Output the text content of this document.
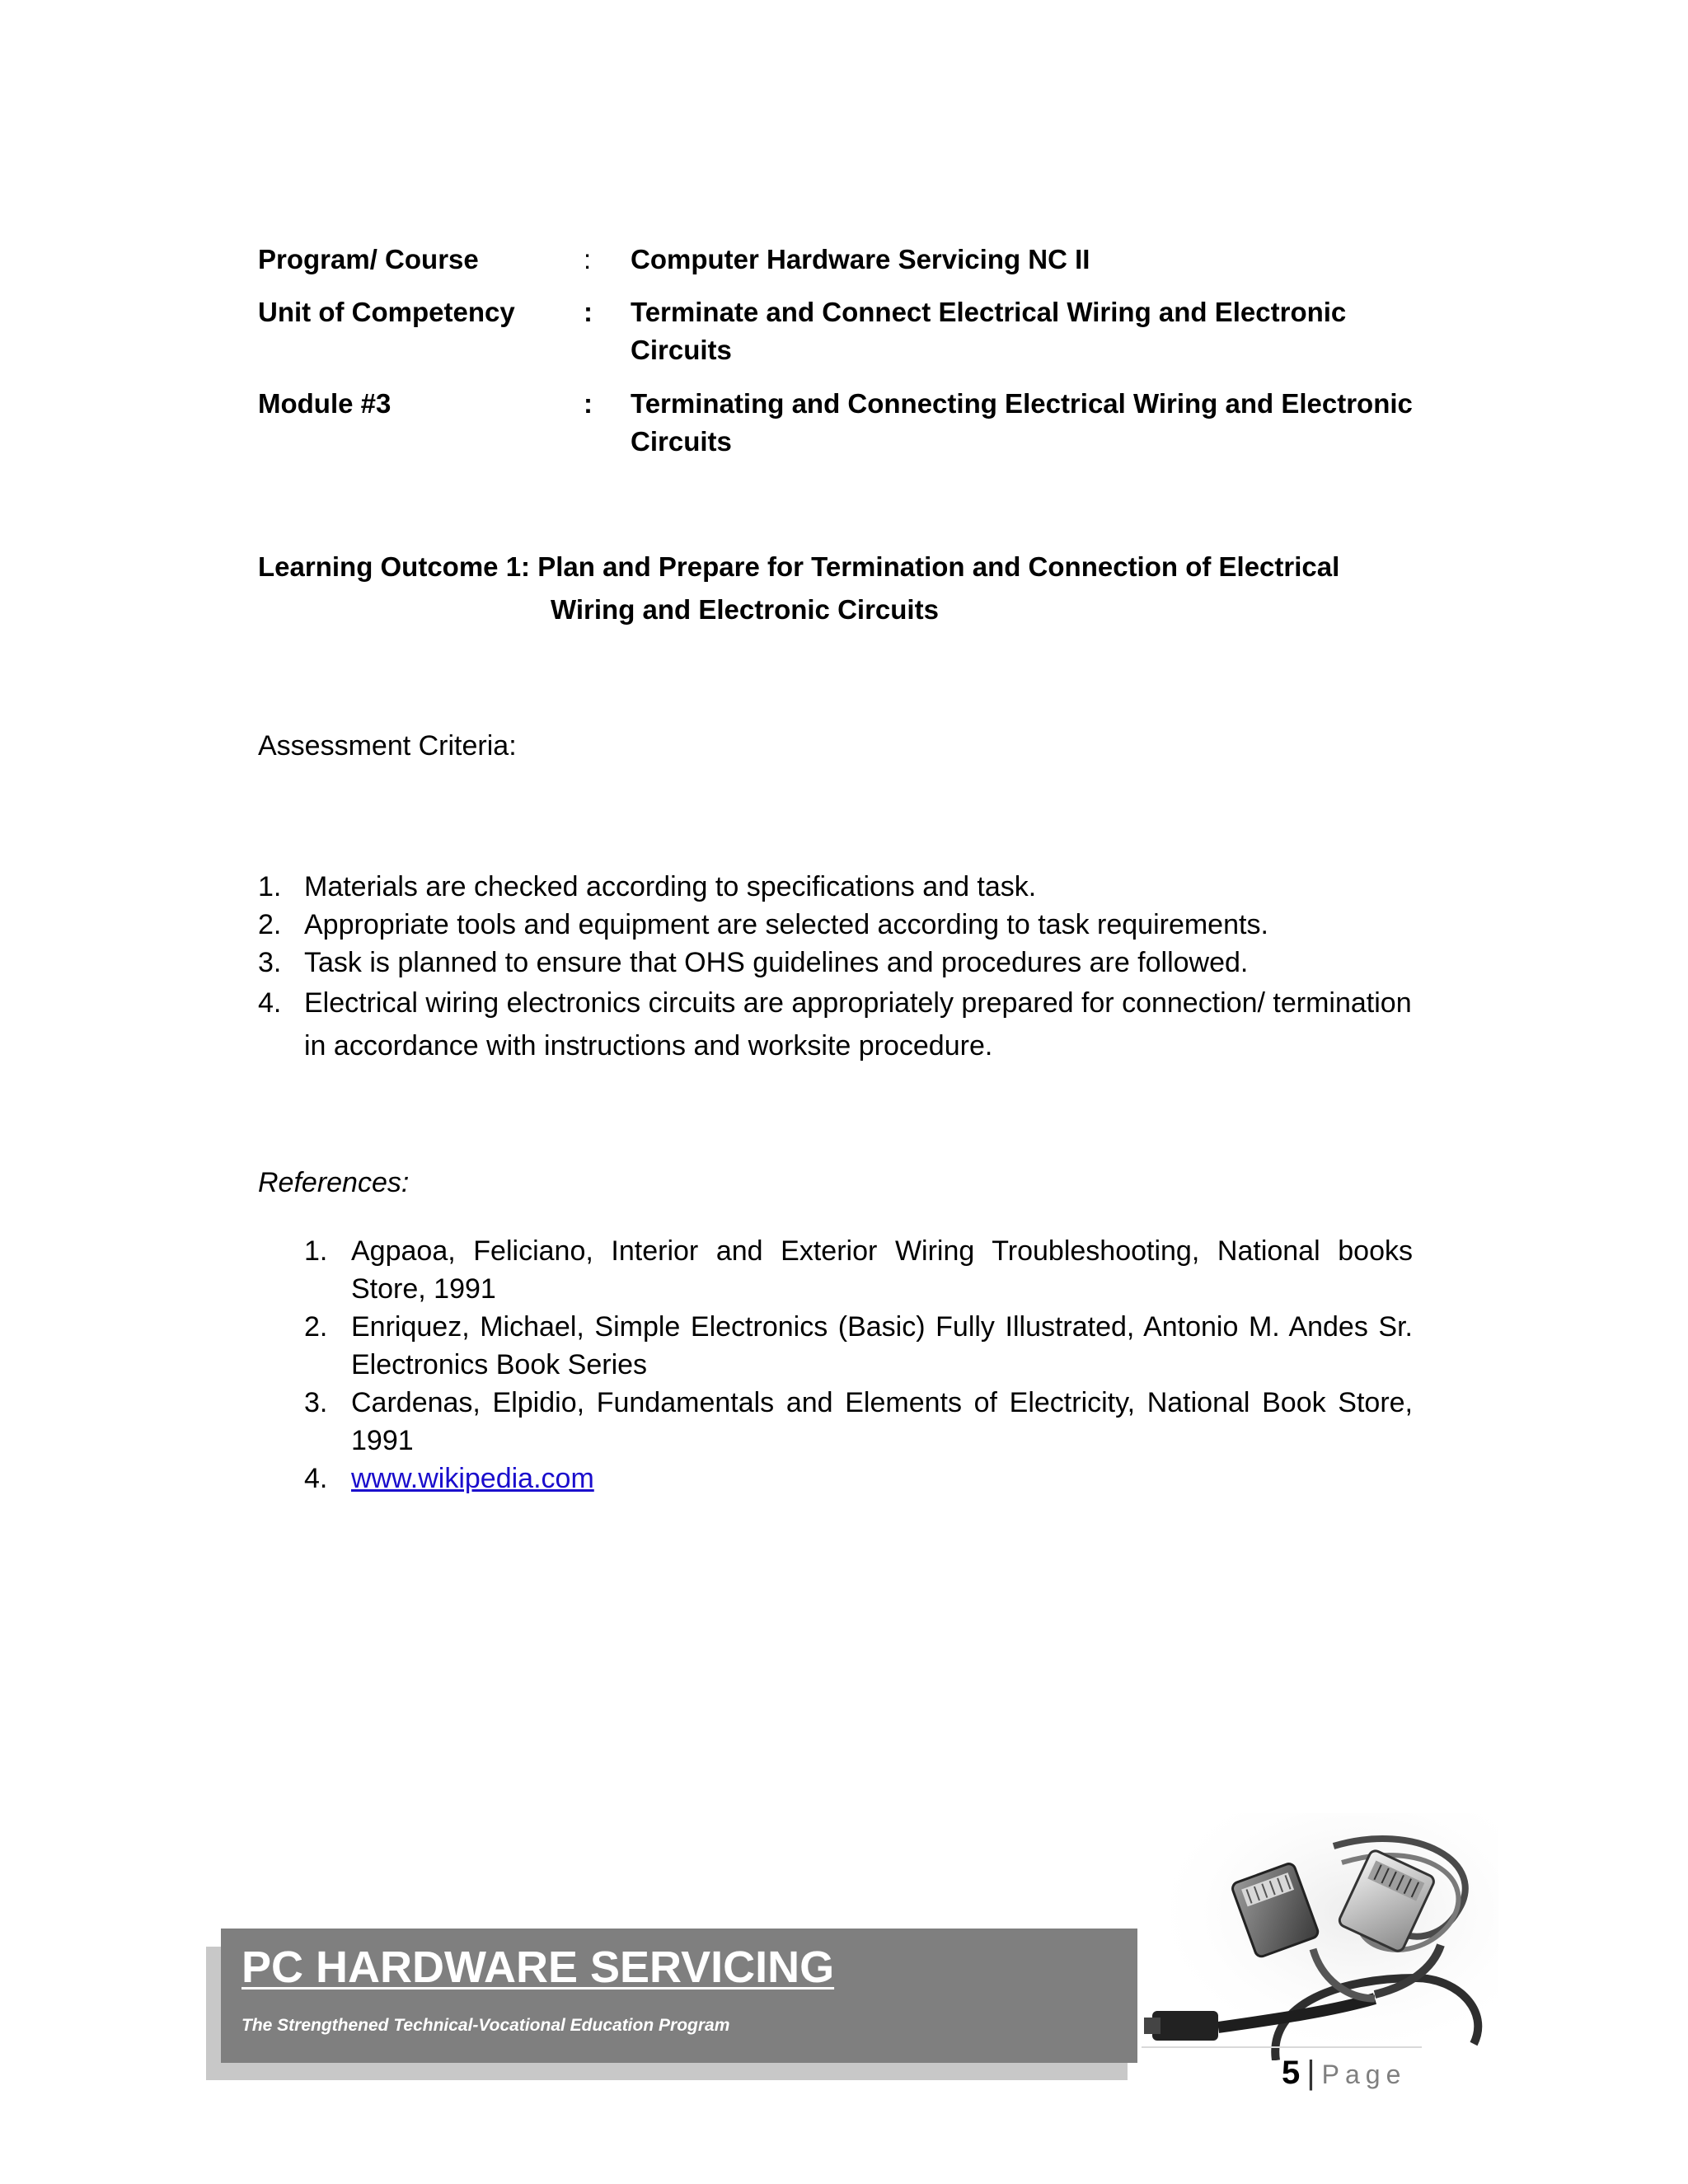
Program/ Course	:	Computer Hardware Servicing NC II
Unit of Competency	: Terminate and Connect Electrical Wiring and Electronic Circuits
Module #3	: Terminating and Connecting Electrical Wiring and Electronic Circuits
Learning Outcome 1: Plan and Prepare for Termination and Connection of Electrical
Wiring and Electronic Circuits
Assessment Criteria:
1. Materials are checked according to specifications and task.
2. Appropriate tools and equipment are selected according to task requirements.
3. Task is planned to ensure that OHS guidelines and procedures are followed.
4. Electrical wiring electronics circuits are appropriately prepared for connection/ termination in accordance with instructions and worksite procedure.
References:
1. Agpaoa, Feliciano, Interior and Exterior Wiring Troubleshooting, National books Store, 1991
2. Enriquez, Michael, Simple Electronics (Basic) Fully Illustrated, Antonio M. Andes Sr. Electronics Book Series
3. Cardenas, Elpidio, Fundamentals and Elements of Electricity, National Book Store, 1991
4. www.wikipedia.com
PC HARDWARE SERVICING
The Strengthened Technical-Vocational Education Program
5 | Page
